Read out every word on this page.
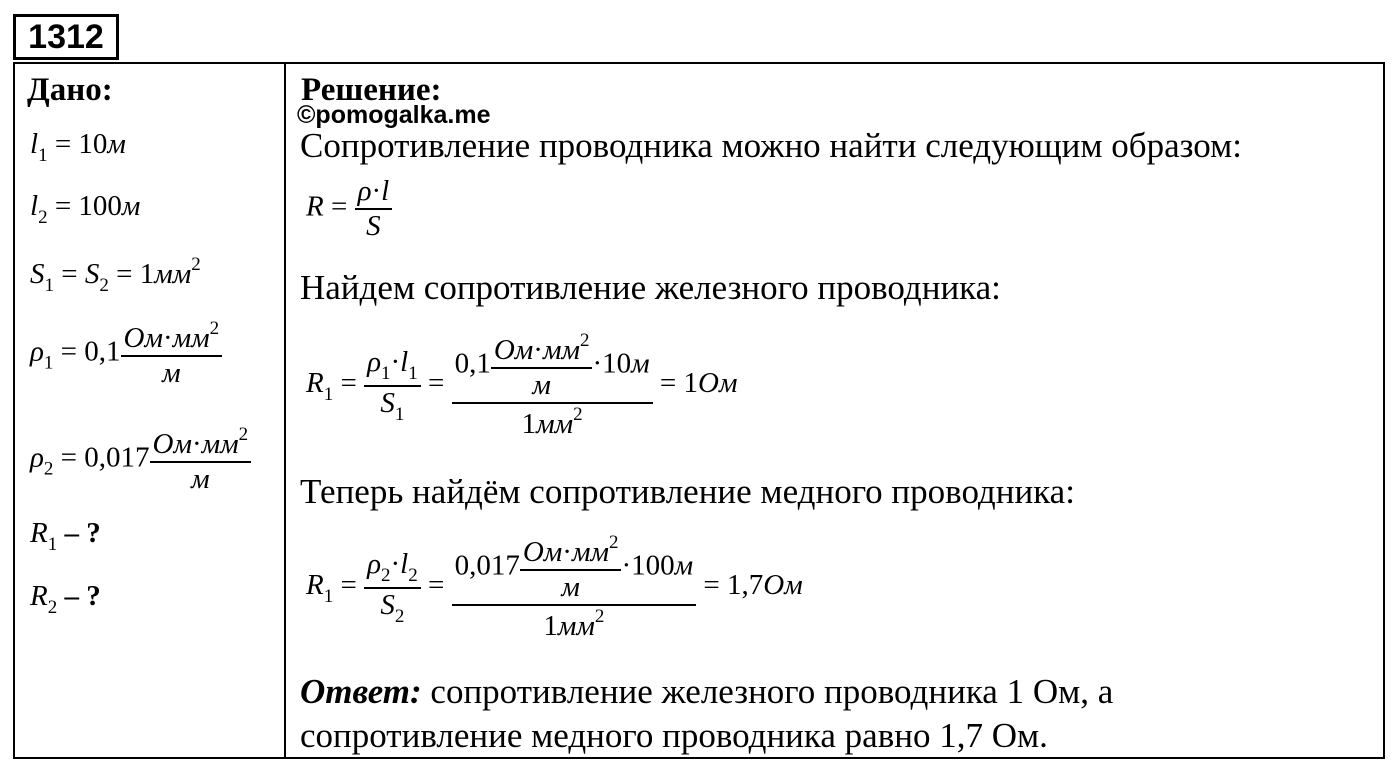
1312
Дано:
$l_1 = 10м$
$l_2 = 100м$
$S_1 = S_2 = 1мм^2$
$\rho_1 = 0,1 \frac{Ом\cdot мм^2}{м}$
$\rho_2 = 0,017 \frac{Ом\cdot мм^2}{м}$
$R_1$ – ?
$R_2$ – ?
Решение:
©pomogalka.me
Сопротивление проводника можно найти следующим образом:
$R = \frac{\rho\cdot l}{S}$
Найдем сопротивление железного проводника:
$R_1 = \frac{\rho_1\cdot l_1}{S_1} = \frac{0,1 \frac{Ом\cdot мм^2}{м} \cdot 10м}{1мм^2} = 1Ом$
Теперь найдём сопротивление медного проводника:
$R_1 = \frac{\rho_2\cdot l_2}{S_2} = \frac{0,017 \frac{Ом\cdot мм^2}{м} \cdot 100м}{1мм^2} = 1,7Ом$
Ответ: сопротивление железного проводника 1 Ом, а
сопротивление медного проводника равно 1,7 Ом.
